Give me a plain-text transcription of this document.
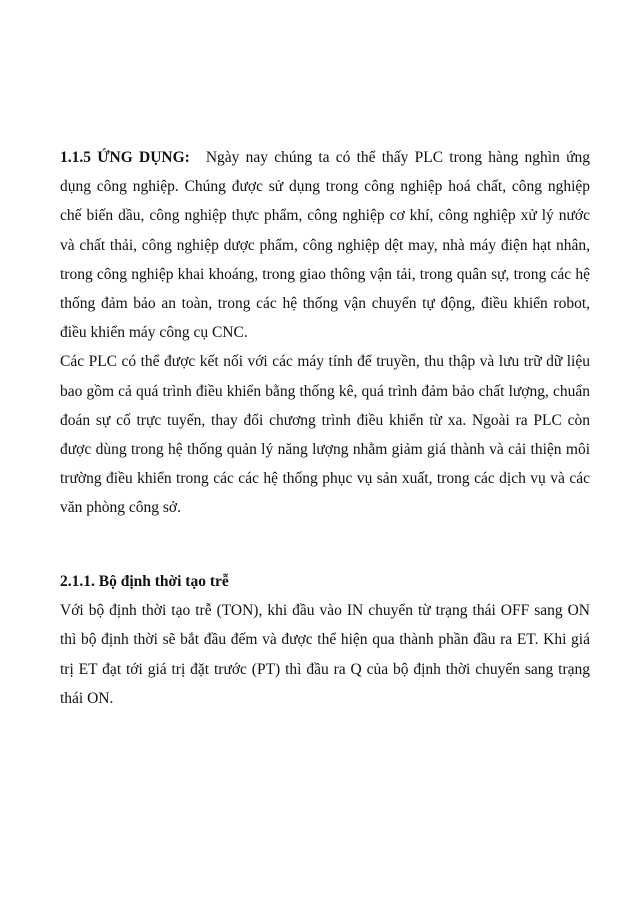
1.1.5 ỨNG DỤNG: Ngày nay chúng ta có thể thấy PLC trong hàng nghìn ứng dụng công nghiệp. Chúng được sử dụng trong công nghiệp hoá chất, công nghiệp chế biến dầu, công nghiệp thực phẩm, công nghiệp cơ khí, công nghiệp xử lý nước và chất thải, công nghiệp dược phẩm, công nghiệp dệt may, nhà máy điện hạt nhân, trong công nghiệp khai khoáng, trong giao thông vận tải, trong quân sự, trong các hệ thống đảm bảo an toàn, trong các hệ thống vận chuyển tự động, điều khiển robot, điều khiển máy công cụ CNC.

Các PLC có thể được kết nối với các máy tính để truyền, thu thập và lưu trữ dữ liệu bao gồm cả quá trình điều khiển bằng thống kê, quá trình đảm bảo chất lượng, chuẩn đoán sự cố trực tuyến, thay đổi chương trình điều khiển từ xa. Ngoài ra PLC còn được dùng trong hệ thống quản lý năng lượng nhằm giảm giá thành và cải thiện môi trường điều khiển trong các các hệ thống phục vụ sản xuất, trong các dịch vụ và các văn phòng công sở.

2.1.1. Bộ định thời tạo trễ

Với bộ định thời tạo trễ (TON), khi đầu vào IN chuyển từ trạng thái OFF sang ON thì bộ định thời sẽ bắt đầu đếm và được thể hiện qua thành phần đầu ra ET. Khi giá trị ET đạt tới giá trị đặt trước (PT) thì đầu ra Q của bộ định thời chuyển sang trạng thái ON.
